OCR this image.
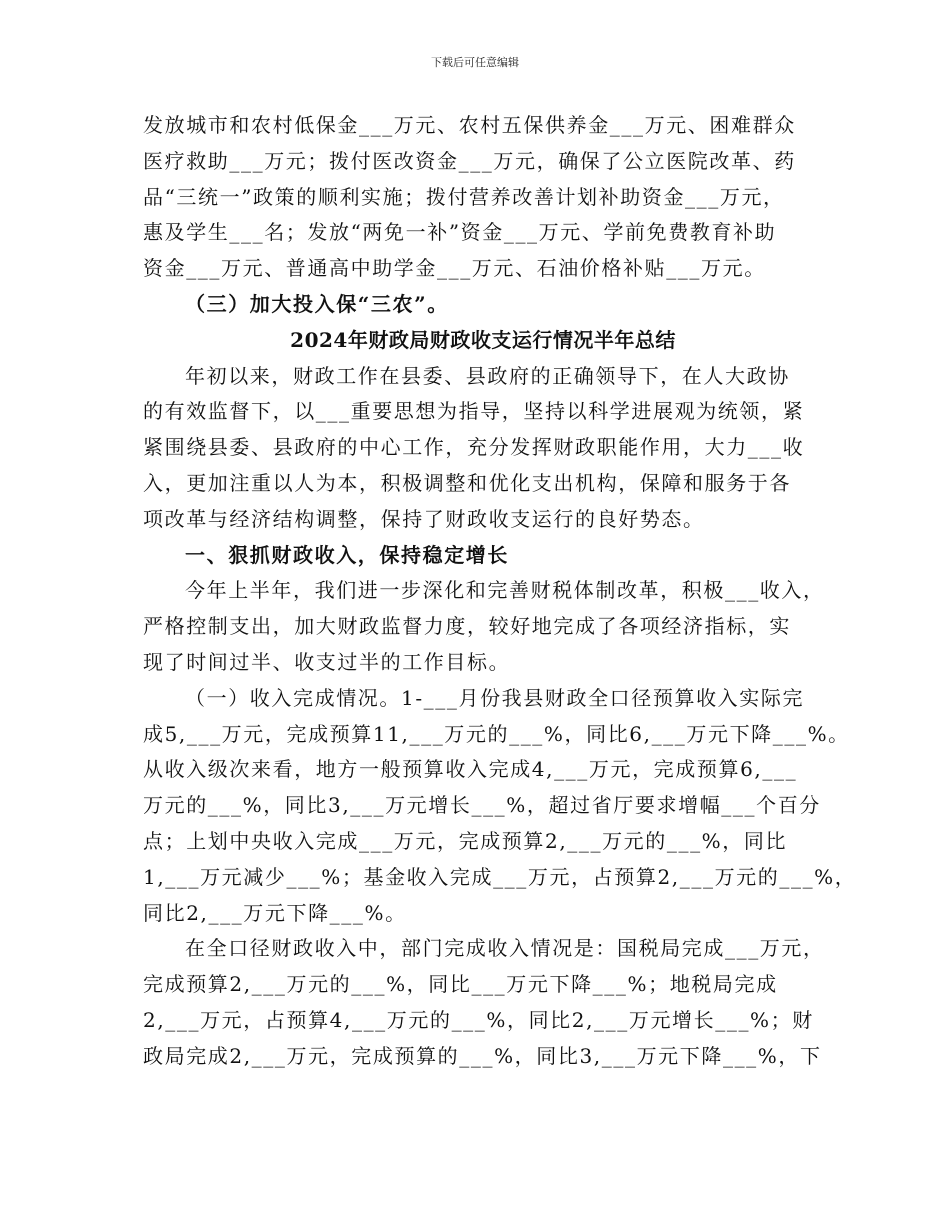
下载后可任意编辑
发放城市和农村低保金___万元、农村五保供养金___万元、困难群众
医疗救助___万元；拨付医改资金___万元，确保了公立医院改革、药
品“三统一”政策的顺利实施；拨付营养改善计划补助资金___万元，
惠及学生___名；发放“两免一补”资金___万元、学前免费教育补助
资金___万元、普通高中助学金___万元、石油价格补贴___万元。
（三）加大投入保“三农”。
2024年财政局财政收支运行情况半年总结
年初以来，财政工作在县委、县政府的正确领导下，在人大政协
的有效监督下，以___重要思想为指导，坚持以科学进展观为统领，紧
紧围绕县委、县政府的中心工作，充分发挥财政职能作用，大力___收
入，更加注重以人为本，积极调整和优化支出机构，保障和服务于各
项改革与经济结构调整，保持了财政收支运行的良好势态。
一、狠抓财政收入，保持稳定增长
今年上半年，我们进一步深化和完善财税体制改革，积极___收入，
严格控制支出，加大财政监督力度，较好地完成了各项经济指标，实
现了时间过半、收支过半的工作目标。
（一）收入完成情况。1-___月份我县财政全口径预算收入实际完
成5,___万元，完成预算11,___万元的___%，同比6,___万元下降___%。
从收入级次来看，地方一般预算收入完成4,___万元，完成预算6,___
万元的___%，同比3,___万元增长___%，超过省厅要求增幅___个百分
点；上划中央收入完成___万元，完成预算2,___万元的___%，同比
1,___万元减少___%；基金收入完成___万元，占预算2,___万元的___%，
同比2,___万元下降___%。
在全口径财政收入中，部门完成收入情况是：国税局完成___万元，
完成预算2,___万元的___%，同比___万元下降___%；地税局完成
2,___万元，占预算4,___万元的___%，同比2,___万元增长___%；财
政局完成2,___万元，完成预算的___%，同比3,___万元下降___%，下
